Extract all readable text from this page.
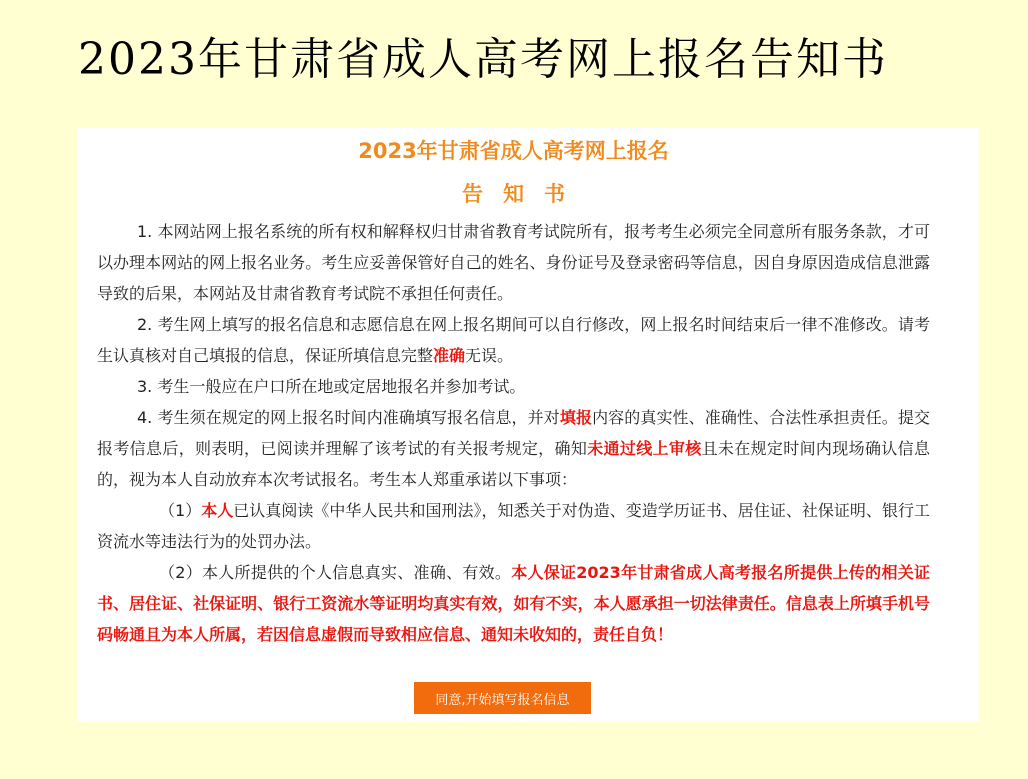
2023年甘肃省成人高考网上报名告知书
2023年甘肃省成人高考网上报名
告知书

1. 本网站网上报名系统的所有权和解释权归甘肃省教育考试院所有，报考考生必须完全同意所有服务条款，才可以办理本网站的网上报名业务。考生应妥善保管好自己的姓名、身份证号及登录密码等信息，因自身原因造成信息泄露导致的后果，本网站及甘肃省教育考试院不承担任何责任。

2. 考生网上填写的报名信息和志愿信息在网上报名期间可以自行修改，网上报名时间结束后一律不准修改。请考生认真核对自己填报的信息，保证所填信息完整准确无误。

3. 考生一般应在户口所在地或定居地报名并参加考试。

4. 考生须在规定的网上报名时间内准确填写报名信息，并对填报内容的真实性、准确性、合法性承担责任。提交报考信息后，则表明，已阅读并理解了该考试的有关报考规定，确知未通过线上审核且未在规定时间内现场确认信息的，视为本人自动放弃本次考试报名。考生本人郑重承诺以下事项：

（1）本人已认真阅读《中华人民共和国刑法》，知悉关于对伪造、变造学历证书、居住证、社保证明、银行工资流水等违法行为的处罚办法。

（2）本人所提供的个人信息真实、准确、有效。本人保证2023年甘肃省成人高考报名所提供上传的相关证书、居住证、社保证明、银行工资流水等证明均真实有效，如有不实，本人愿承担一切法律责任。信息表上所填手机号码畅通且为本人所属，若因信息虚假而导致相应信息、通知未收知的，责任自负！

同意,开始填写报名信息
